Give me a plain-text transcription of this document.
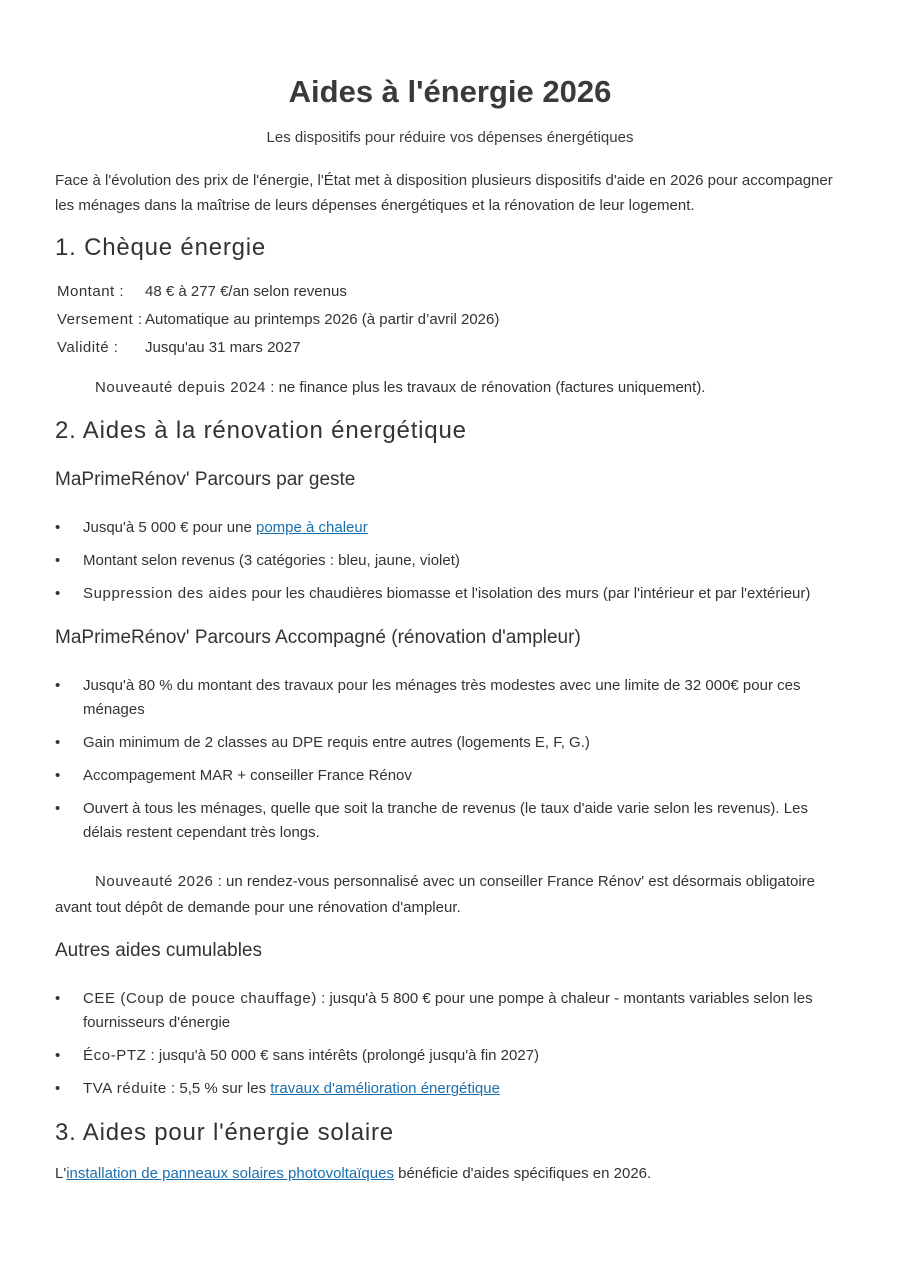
Aides à l'énergie 2026

Les dispositifs pour réduire vos dépenses énergétiques

Face à l'évolution des prix de l'énergie, l'État met à disposition plusieurs dispositifs d'aide en 2026 pour accompagner les ménages dans la maîtrise de leurs dépenses énergétiques et la rénovation de leur logement.

1. Chèque énergie
Montant : 48 € à 277 €/an selon revenus
Versement : Automatique au printemps 2026 (à partir d’avril 2026)
Validité : Jusqu'au 31 mars 2027

Nouveauté depuis 2024 : ne finance plus les travaux de rénovation (factures uniquement).

2. Aides à la rénovation énergétique
MaPrimeRénov' Parcours par geste
• Jusqu'à 5 000 € pour une pompe à chaleur
• Montant selon revenus (3 catégories : bleu, jaune, violet)
• Suppression des aides pour les chaudières biomasse et l'isolation des murs (par l'intérieur et par l'extérieur)
MaPrimeRénov' Parcours Accompagné (rénovation d'ampleur)
• Jusqu'à 80 % du montant des travaux pour les ménages très modestes avec une limite de 32 000€ pour ces ménages
• Gain minimum de 2 classes au DPE requis entre autres (logements E, F, G.)
• Accompagement MAR + conseiller France Rénov
• Ouvert à tous les ménages, quelle que soit la tranche de revenus (le taux d'aide varie selon les revenus). Les délais restent cependant très longs.

Nouveauté 2026 : un rendez-vous personnalisé avec un conseiller France Rénov' est désormais obligatoire avant tout dépôt de demande pour une rénovation d'ampleur.

Autres aides cumulables
• CEE (Coup de pouce chauffage) : jusqu'à 5 800 € pour une pompe à chaleur - montants variables selon les fournisseurs d'énergie
• Éco-PTZ : jusqu'à 50 000 € sans intérêts (prolongé jusqu'à fin 2027)
• TVA réduite : 5,5 % sur les travaux d'amélioration énergétique
3. Aides pour l'énergie solaire

L'installation de panneaux solaires photovoltaïques bénéficie d'aides spécifiques en 2026.
